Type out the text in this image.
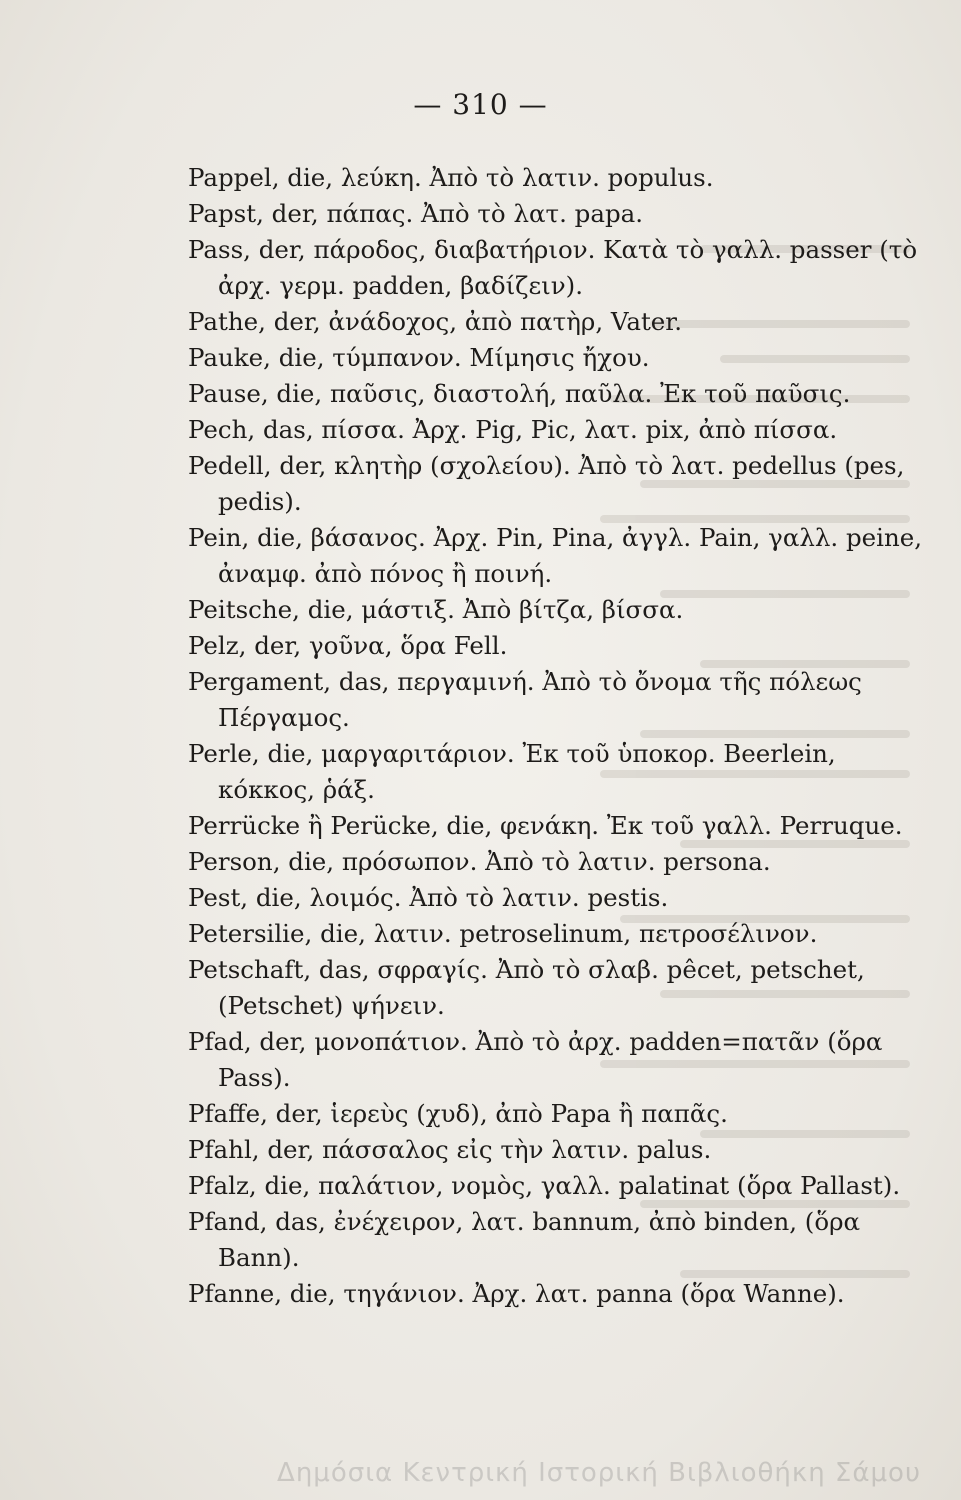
— 310 —
Pappel, die, λεύκη. Ἀπὸ τὸ λατιν. populus.
Papst, der, πάπας. Ἀπὸ τὸ λατ. papa.
Pass, der, πάροδος, διαβατήριον. Κατὰ τὸ γαλλ. passer (τὸ ἀρχ. γερμ. padden, βαδίζειν).
Pathe, der, ἀνάδοχος, ἀπὸ πατὴρ, Vater.
Pauke, die, τύμπανον. Μίμησις ἤχου.
Pause, die, παῦσις, διαστολή, παῦλα. Ἐκ τοῦ παῦσις.
Pech, das, πίσσα. Ἀρχ. Pig, Pic, λατ. pix, ἀπὸ πίσσα.
Pedell, der, κλητὴρ (σχολείου). Ἀπὸ τὸ λατ. pedellus (pes, pedis).
Pein, die, βάσανος. Ἀρχ. Pin, Pina, ἀγγλ. Pain, γαλλ. peine, ἀναμφ. ἀπὸ πόνος ἢ ποινή.
Peitsche, die, μάστιξ. Ἀπὸ βίτζα, βίσσα.
Pelz, der, γοῦνα, ὅρα Fell.
Pergament, das, περγαμινή. Ἀπὸ τὸ ὄνομα τῆς πόλεως Πέργαμος.
Perle, die, μαργαριτάριον. Ἐκ τοῦ ὑποκορ. Beerlein, κόκκος, ῥάξ.
Perrücke ἢ Perücke, die, φενάκη. Ἐκ τοῦ γαλλ. Perruque.
Person, die, πρόσωπον. Ἀπὸ τὸ λατιν. persona.
Pest, die, λοιμός. Ἀπὸ τὸ λατιν. pestis.
Petersilie, die, λατιν. petroselinum, πετροσέλινον.
Petschaft, das, σφραγίς. Ἀπὸ τὸ σλαβ. pêcet, petschet, (Petschet) ψήνειν.
Pfad, der, μονοπάτιον. Ἀπὸ τὸ ἀρχ. padden=πατᾶν (ὅρα Pass).
Pfaffe, der, ἱερεὺς (χυδ), ἀπὸ Papa ἢ παπᾶς.
Pfahl, der, πάσσαλος εἰς τὴν λατιν. palus.
Pfalz, die, παλάτιον, νομὸς, γαλλ. palatinat (ὅρα Pallast).
Pfand, das, ἐνέχειρον, λατ. bannum, ἀπὸ binden, (ὅρα Bann).
Pfanne, die, τηγάνιον. Ἀρχ. λατ. panna (ὅρα Wanne).
Δημόσια Κεντρική Ιστορική Βιβλιοθήκη Σάμου
